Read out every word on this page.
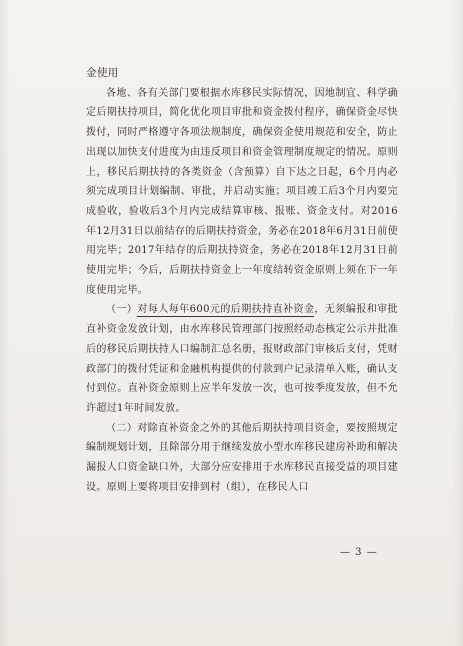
金使用

各地、各有关部门要根据水库移民实际情况，因地制宜、科学确定后期扶持项目，简化优化项目审批和资金拨付程序，确保资金尽快拨付，同时严格遵守各项法规制度，确保资金使用规范和安全，防止出现以加快支付进度为由违反项目和资金管理制度规定的情况。原则上，移民后期扶持的各类资金（含预算）自下达之日起，6个月内必须完成项目计划编制、审批，并启动实施；项目竣工后3个月内要完成验收，验收后3个月内完成结算审核、报账、资金支付。对2016年12月31日以前结存的后期扶持资金，务必在2018年6月31日前使用完毕；2017年结存的后期扶持资金，务必在2018年12月31日前使用完毕；今后，后期扶持资金上一年度结转资金原则上须在下一年度使用完毕。

（一）对每人每年600元的后期扶持直补资金，无须编报和审批直补资金发放计划，由水库移民管理部门按照经动态核定公示并批准后的移民后期扶持人口编制汇总名册，报财政部门审核后支付，凭财政部门的拨付凭证和金融机构提供的付款到户记录清单入账，确认支付到位。直补资金原则上应半年发放一次，也可按季度发放，但不允许超过1年时间发放。

（二）对除直补资金之外的其他后期扶持项目资金，要按照规定编制规划计划，且除部分用于继续发放小型水库移民建房补助和解决漏报人口资金缺口外，大部分应安排用于水库移民直接受益的项目建设。原则上要将项目安排到村（组），在移民人口

— 3 —
